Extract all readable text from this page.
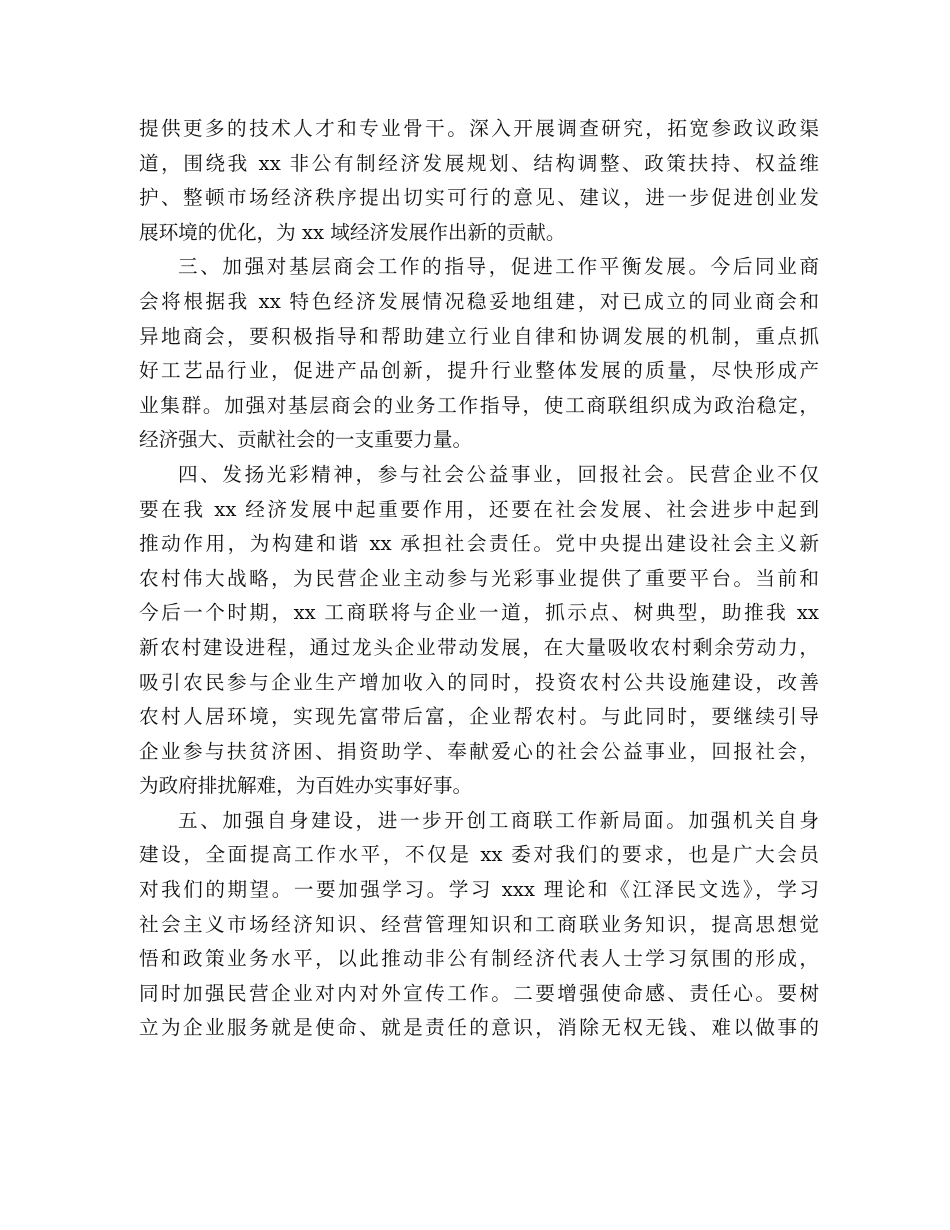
提供更多的技术人才和专业骨干。深入开展调查研究，拓宽参政议政渠
道，围绕我 xx 非公有制经济发展规划、结构调整、政策扶持、权益维
护、整顿市场经济秩序提出切实可行的意见、建议，进一步促进创业发
展环境的优化，为 xx 域经济发展作出新的贡献。
三、加强对基层商会工作的指导，促进工作平衡发展。今后同业商
会将根据我 xx 特色经济发展情况稳妥地组建，对已成立的同业商会和
异地商会，要积极指导和帮助建立行业自律和协调发展的机制，重点抓
好工艺品行业，促进产品创新，提升行业整体发展的质量，尽快形成产
业集群。加强对基层商会的业务工作指导，使工商联组织成为政治稳定，
经济强大、贡献社会的一支重要力量。
四、发扬光彩精神，参与社会公益事业，回报社会。民营企业不仅
要在我 xx 经济发展中起重要作用，还要在社会发展、社会进步中起到
推动作用，为构建和谐 xx 承担社会责任。党中央提出建设社会主义新
农村伟大战略，为民营企业主动参与光彩事业提供了重要平台。当前和
今后一个时期，xx 工商联将与企业一道，抓示点、树典型，助推我 xx
新农村建设进程，通过龙头企业带动发展，在大量吸收农村剩余劳动力，
吸引农民参与企业生产增加收入的同时，投资农村公共设施建设，改善
农村人居环境，实现先富带后富，企业帮农村。与此同时，要继续引导
企业参与扶贫济困、捐资助学、奉献爱心的社会公益事业，回报社会，
为政府排扰解难，为百姓办实事好事。
五、加强自身建设，进一步开创工商联工作新局面。加强机关自身
建设，全面提高工作水平，不仅是 xx 委对我们的要求，也是广大会员
对我们的期望。一要加强学习。学习 xxx 理论和《江泽民文选》，学习
社会主义市场经济知识、经营管理知识和工商联业务知识，提高思想觉
悟和政策业务水平，以此推动非公有制经济代表人士学习氛围的形成，
同时加强民营企业对内对外宣传工作。二要增强使命感、责任心。要树
立为企业服务就是使命、就是责任的意识，消除无权无钱、难以做事的
